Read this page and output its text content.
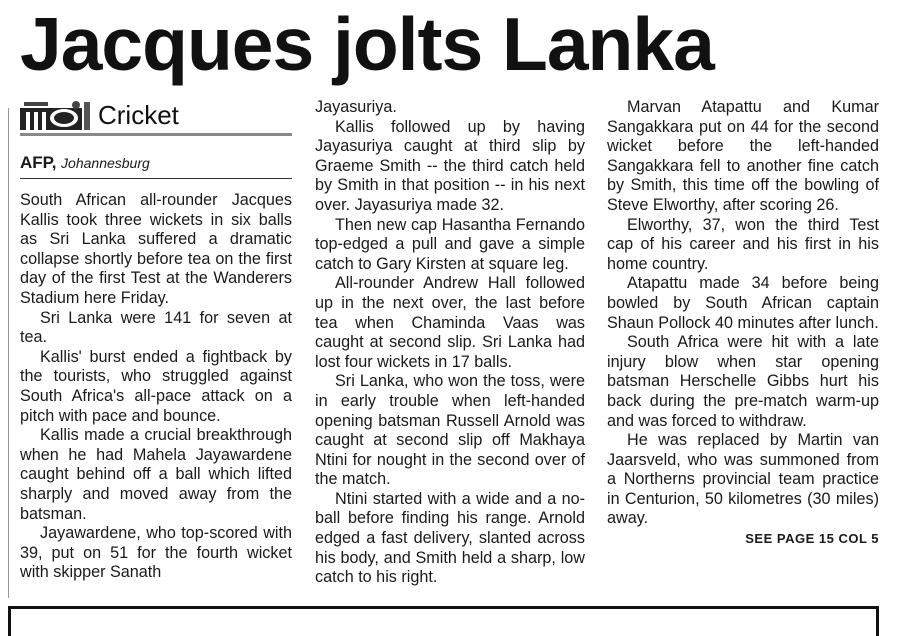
Jacques jolts Lanka
Cricket
AFP, Johannesburg

South African all-rounder Jacques Kallis took three wickets in six balls as Sri Lanka suffered a dramatic collapse shortly before tea on the first day of the first Test at the Wanderers Stadium here Friday.

Sri Lanka were 141 for seven at tea.

Kallis' burst ended a fightback by the tourists, who struggled against South Africa's all-pace attack on a pitch with pace and bounce.

Kallis made a crucial breakthrough when he had Mahela Jayawardene caught behind off a ball which lifted sharply and moved away from the batsman.

Jayawardene, who top-scored with 39, put on 51 for the fourth wicket with skipper Sanath

Jayasuriya.

Kallis followed up by having Jayasuriya caught at third slip by Graeme Smith -- the third catch held by Smith in that position -- in his next over. Jayasuriya made 32.

Then new cap Hasantha Fernando top-edged a pull and gave a simple catch to Gary Kirsten at square leg.

All-rounder Andrew Hall followed up in the next over, the last before tea when Chaminda Vaas was caught at second slip. Sri Lanka had lost four wickets in 17 balls.

Sri Lanka, who won the toss, were in early trouble when left-handed opening batsman Russell Arnold was caught at second slip off Makhaya Ntini for nought in the second over of the match.

Ntini started with a wide and a no-ball before finding his range. Arnold edged a fast delivery, slanted across his body, and Smith held a sharp, low catch to his right.

Marvan Atapattu and Kumar Sangakkara put on 44 for the second wicket before the left-handed Sangakkara fell to another fine catch by Smith, this time off the bowling of Steve Elworthy, after scoring 26.

Elworthy, 37, won the third Test cap of his career and his first in his home country.

Atapattu made 34 before being bowled by South African captain Shaun Pollock 40 minutes after lunch.

South Africa were hit with a late injury blow when star opening batsman Herschelle Gibbs hurt his back during the pre-match warm-up and was forced to withdraw.

He was replaced by Martin van Jaarsveld, who was summoned from a Northerns provincial team practice in Centurion, 50 kilometres (30 miles) away.

SEE PAGE 15 COL 5
